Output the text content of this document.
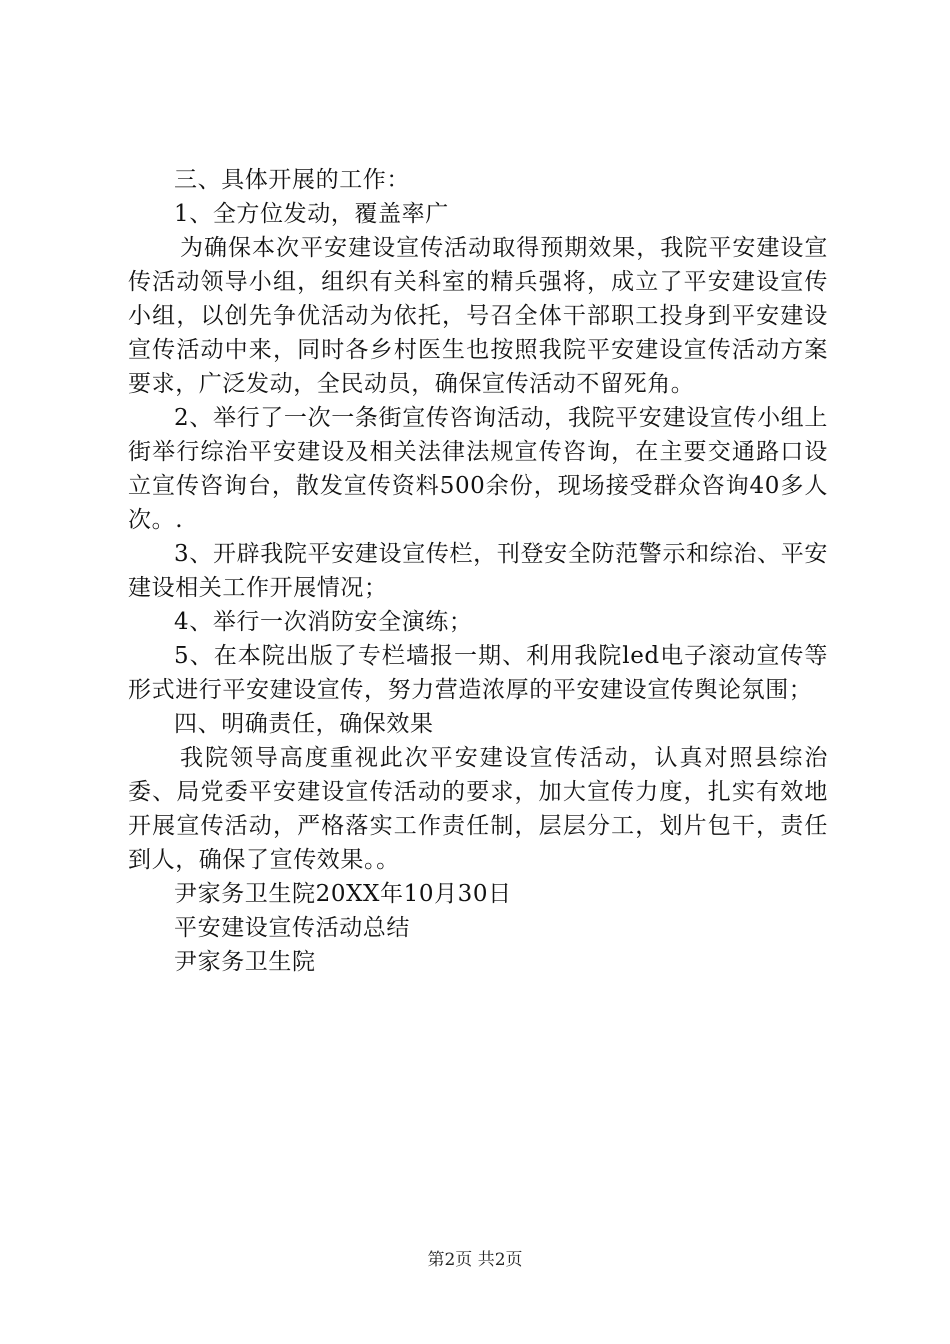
三、具体开展的工作：

1、全方位发动，覆盖率广

为确保本次平安建设宣传活动取得预期效果，我院平安建设宣传活动领导小组，组织有关科室的精兵强将，成立了平安建设宣传小组，以创先争优活动为依托，号召全体干部职工投身到平安建设宣传活动中来，同时各乡村医生也按照我院平安建设宣传活动方案要求，广泛发动，全民动员，确保宣传活动不留死角。

2、举行了一次一条街宣传咨询活动，我院平安建设宣传小组上街举行综治平安建设及相关法律法规宣传咨询，在主要交通路口设立宣传咨询台，散发宣传资料500余份，现场接受群众咨询40多人次。.

3、开辟我院平安建设宣传栏，刊登安全防范警示和综治、平安建设相关工作开展情况；

4、举行一次消防安全演练；

5、在本院出版了专栏墙报一期、利用我院led电子滚动宣传等形式进行平安建设宣传，努力营造浓厚的平安建设宣传舆论氛围；

四、明确责任，确保效果

我院领导高度重视此次平安建设宣传活动，认真对照县综治委、局党委平安建设宣传活动的要求，加大宣传力度，扎实有效地开展宣传活动，严格落实工作责任制，层层分工，划片包干，责任到人，确保了宣传效果。。

尹家务卫生院20XX年10月30日

平安建设宣传活动总结

尹家务卫生院

第2页 共2页
